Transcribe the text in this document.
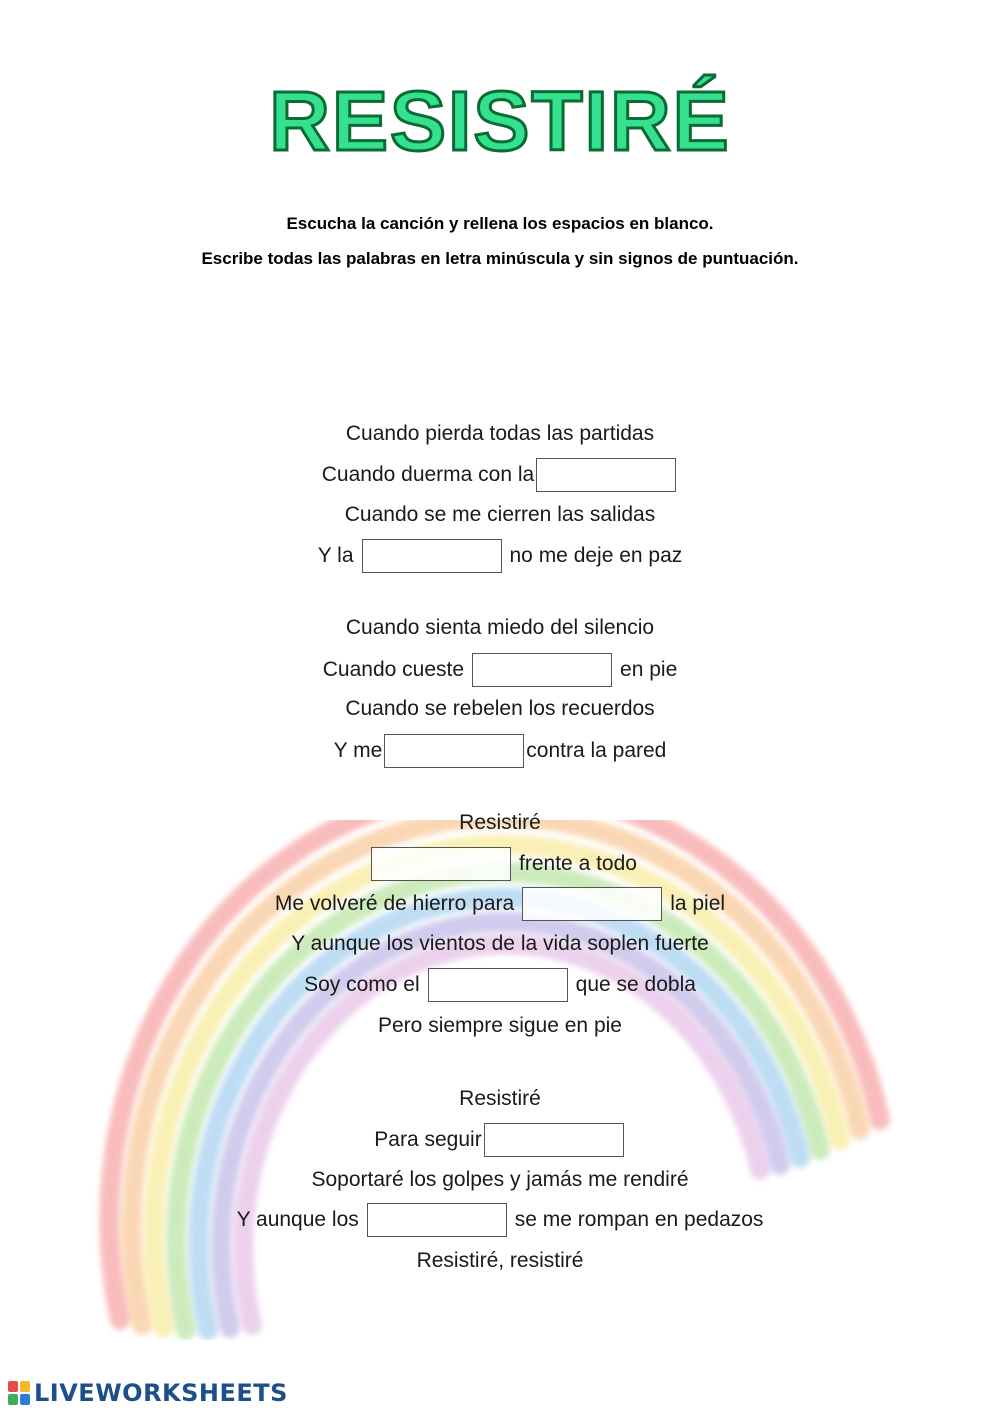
RESISTIRÉ
Escucha la canción y rellena los espacios en blanco.
Escribe todas las palabras en letra minúscula y sin signos de puntuación.
Cuando pierda todas las partidas
Cuando duerma con la
Cuando se me cierren las salidas
Y la	no me deje en paz
Cuando sienta miedo del silencio
Cuando cueste	en pie
Cuando se rebelen los recuerdos
Y me	contra la pared
Resistiré
frente a todo
Me volveré de hierro para	la piel
Y aunque los vientos de la vida soplen fuerte
Soy como el	que se dobla
Pero siempre sigue en pie
Resistiré
Para seguir
Soportaré los golpes y jamás me rendiré
Y aunque los	se me rompan en pedazos
Resistiré, resistiré
LIVEWORKSHEETS
